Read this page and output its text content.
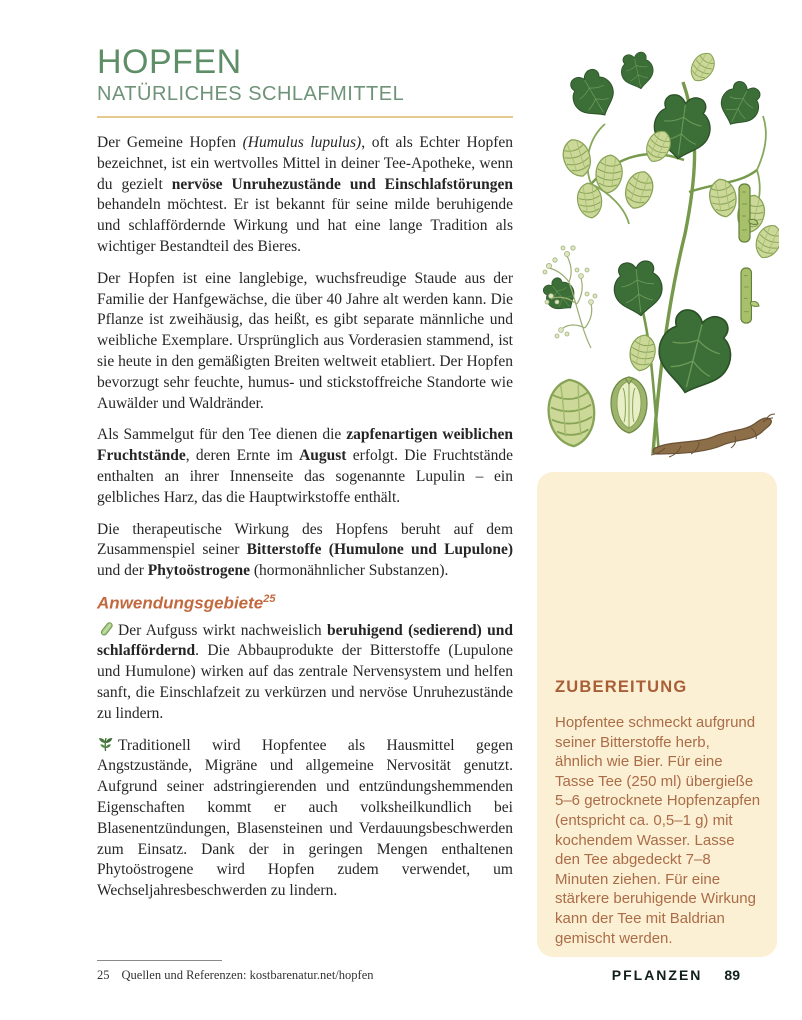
HOPFEN
NATÜRLICHES SCHLAFMITTEL

Der Gemeine Hopfen (Humulus lupulus), oft als Echter Hopfen bezeichnet, ist ein wertvolles Mittel in deiner Tee-Apotheke, wenn du gezielt nervöse Unruhezustände und Einschlafstörungen behandeln möchtest. Er ist bekannt für seine milde beruhigende und schlaffördernde Wirkung und hat eine lange Tradition als wichtiger Bestandteil des Bieres.

Der Hopfen ist eine langlebige, wuchsfreudige Staude aus der Familie der Hanfgewächse, die über 40 Jahre alt werden kann. Die Pflanze ist zweihäusig, das heißt, es gibt separate männliche und weibliche Exemplare. Ursprünglich aus Vorderasien stammend, ist sie heute in den gemäßigten Breiten weltweit etabliert. Der Hopfen bevorzugt sehr feuchte, humus- und stickstoffreiche Standorte wie Auwälder und Waldränder.

Als Sammelgut für den Tee dienen die zapfenartigen weiblichen Fruchtstände, deren Ernte im August erfolgt. Die Fruchtstände enthalten an ihrer Innenseite das sogenannte Lupulin – ein gelbliches Harz, das die Hauptwirkstoffe enthält.

Die therapeutische Wirkung des Hopfens beruht auf dem Zusammenspiel seiner Bitterstoffe (Humulone und Lupulone) und der Phytoöstrogene (hormonähnlicher Substanzen).

Anwendungsgebiete$^{25}$

Der Aufguss wirkt nachweislich beruhigend (sedierend) und schlaffördernd. Die Abbauprodukte der Bitterstoffe (Lupulone und Humulone) wirken auf das zentrale Nervensystem und helfen sanft, die Einschlafzeit zu verkürzen und nervöse Unruhezustände zu lindern.

Traditionell wird Hopfentee als Hausmittel gegen Angstzustände, Migräne und allgemeine Nervosität genutzt. Aufgrund seiner adstringierenden und entzündungshemmenden Eigenschaften kommt er auch volksheilkundlich bei Blasenentzündungen, Blasensteinen und Verdauungsbeschwerden zum Einsatz. Dank der in geringen Mengen enthaltenen Phytoöstrogene wird Hopfen zudem verwendet, um Wechseljahresbeschwerden zu lindern.

ZUBEREITUNG
Hopfentee schmeckt aufgrund seiner Bitterstoffe herb, ähnlich wie Bier. Für eine Tasse Tee (250 ml) übergieße 5–6 getrocknete Hopfenzapfen (entspricht ca. 0,5–1 g) mit kochendem Wasser. Lasse den Tee abgedeckt 7–8 Minuten ziehen. Für eine stärkere beruhigende Wirkung kann der Tee mit Baldrian gemischt werden.
25 Quellen und Referenzen: kostbarenatur.net/hopfen	PFLANZEN 89
